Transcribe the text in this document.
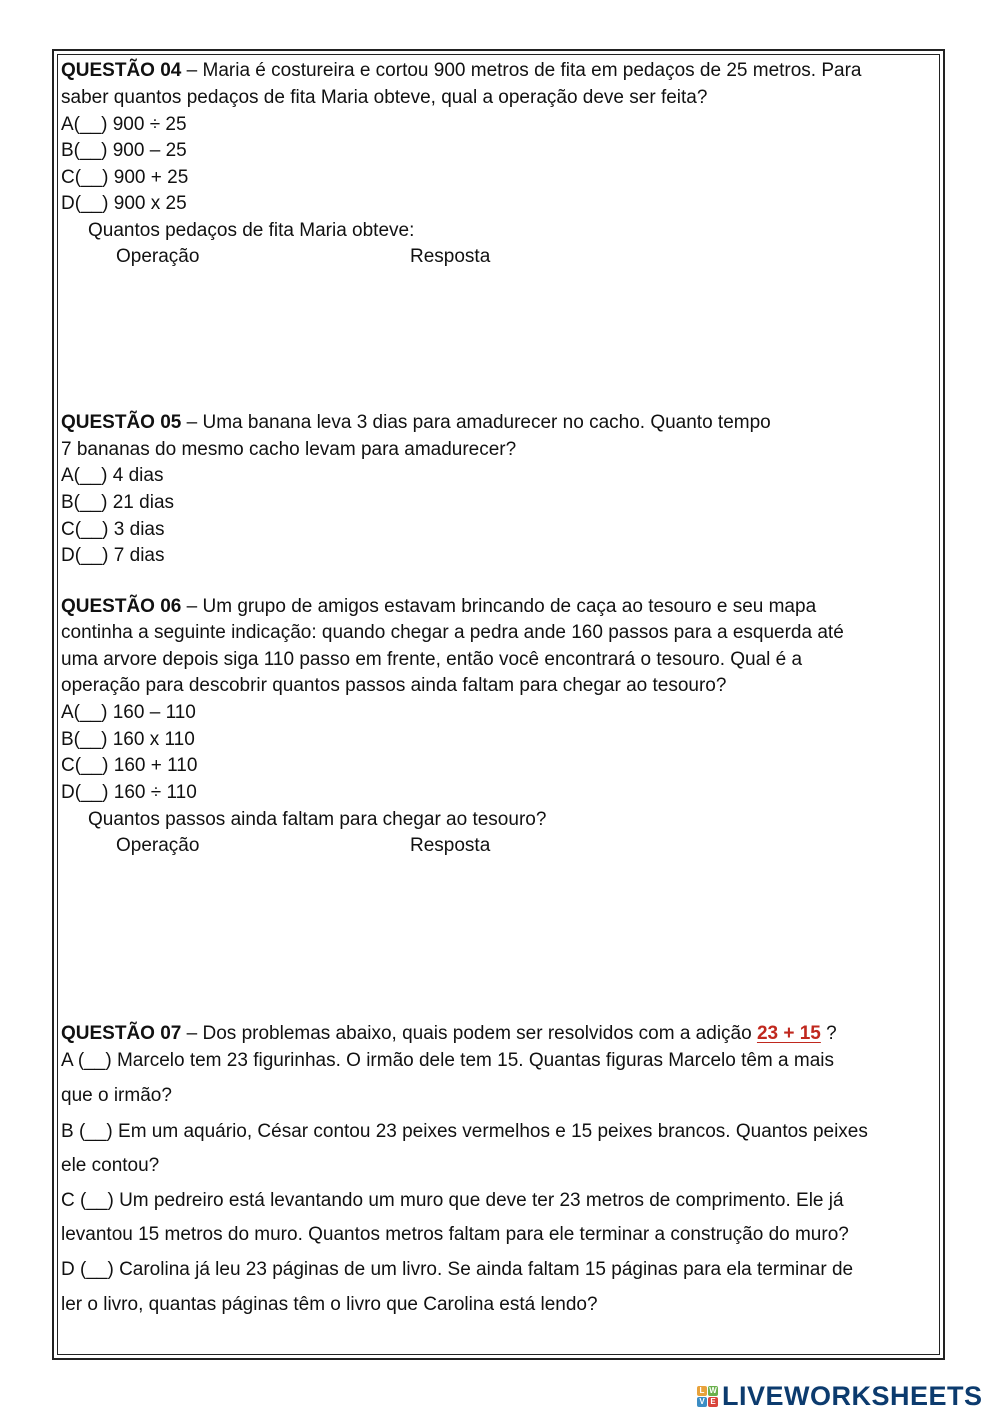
QUESTÃO 04 – Maria é costureira e cortou 900 metros de fita em pedaços de 25 metros. Para
saber quantos pedaços de fita Maria obteve, qual a operação deve ser feita?
A(__) 900 ÷ 25
B(__) 900 – 25
C(__) 900 + 25
D(__) 900 x 25
Quantos pedaços de fita Maria obteve:
Operação	Resposta
QUESTÃO 05 – Uma banana leva 3 dias para amadurecer no cacho. Quanto tempo
7 bananas do mesmo cacho levam para amadurecer?
A(__) 4 dias
B(__) 21 dias
C(__) 3 dias
D(__) 7 dias
QUESTÃO 06 – Um grupo de amigos estavam brincando de caça ao tesouro e seu mapa
continha a seguinte indicação: quando chegar a pedra ande 160 passos para a esquerda até
uma arvore depois siga 110 passo em frente, então você encontrará o tesouro. Qual é a
operação para descobrir quantos passos ainda faltam para chegar ao tesouro?
A(__) 160 – 110
B(__) 160 x 110
C(__) 160 + 110
D(__) 160 ÷ 110
Quantos passos ainda faltam para chegar ao tesouro?
Operação	Resposta
QUESTÃO 07 – Dos problemas abaixo, quais podem ser resolvidos com a adição 23 + 15 ?
A (__) Marcelo tem 23 figurinhas. O irmão dele tem 15. Quantas figuras Marcelo têm a mais
que o irmão?
B (__) Em um aquário, César contou 23 peixes vermelhos e 15 peixes brancos. Quantos peixes
ele contou?
C (__) Um pedreiro está levantando um muro que deve ter 23 metros de comprimento. Ele já
levantou 15 metros do muro. Quantos metros faltam para ele terminar a construção do muro?
D (__) Carolina já leu 23 páginas de um livro. Se ainda faltam 15 páginas para ela terminar de
ler o livro, quantas páginas têm o livro que Carolina está lendo?
L W
V E LIVEWORKSHEETS
